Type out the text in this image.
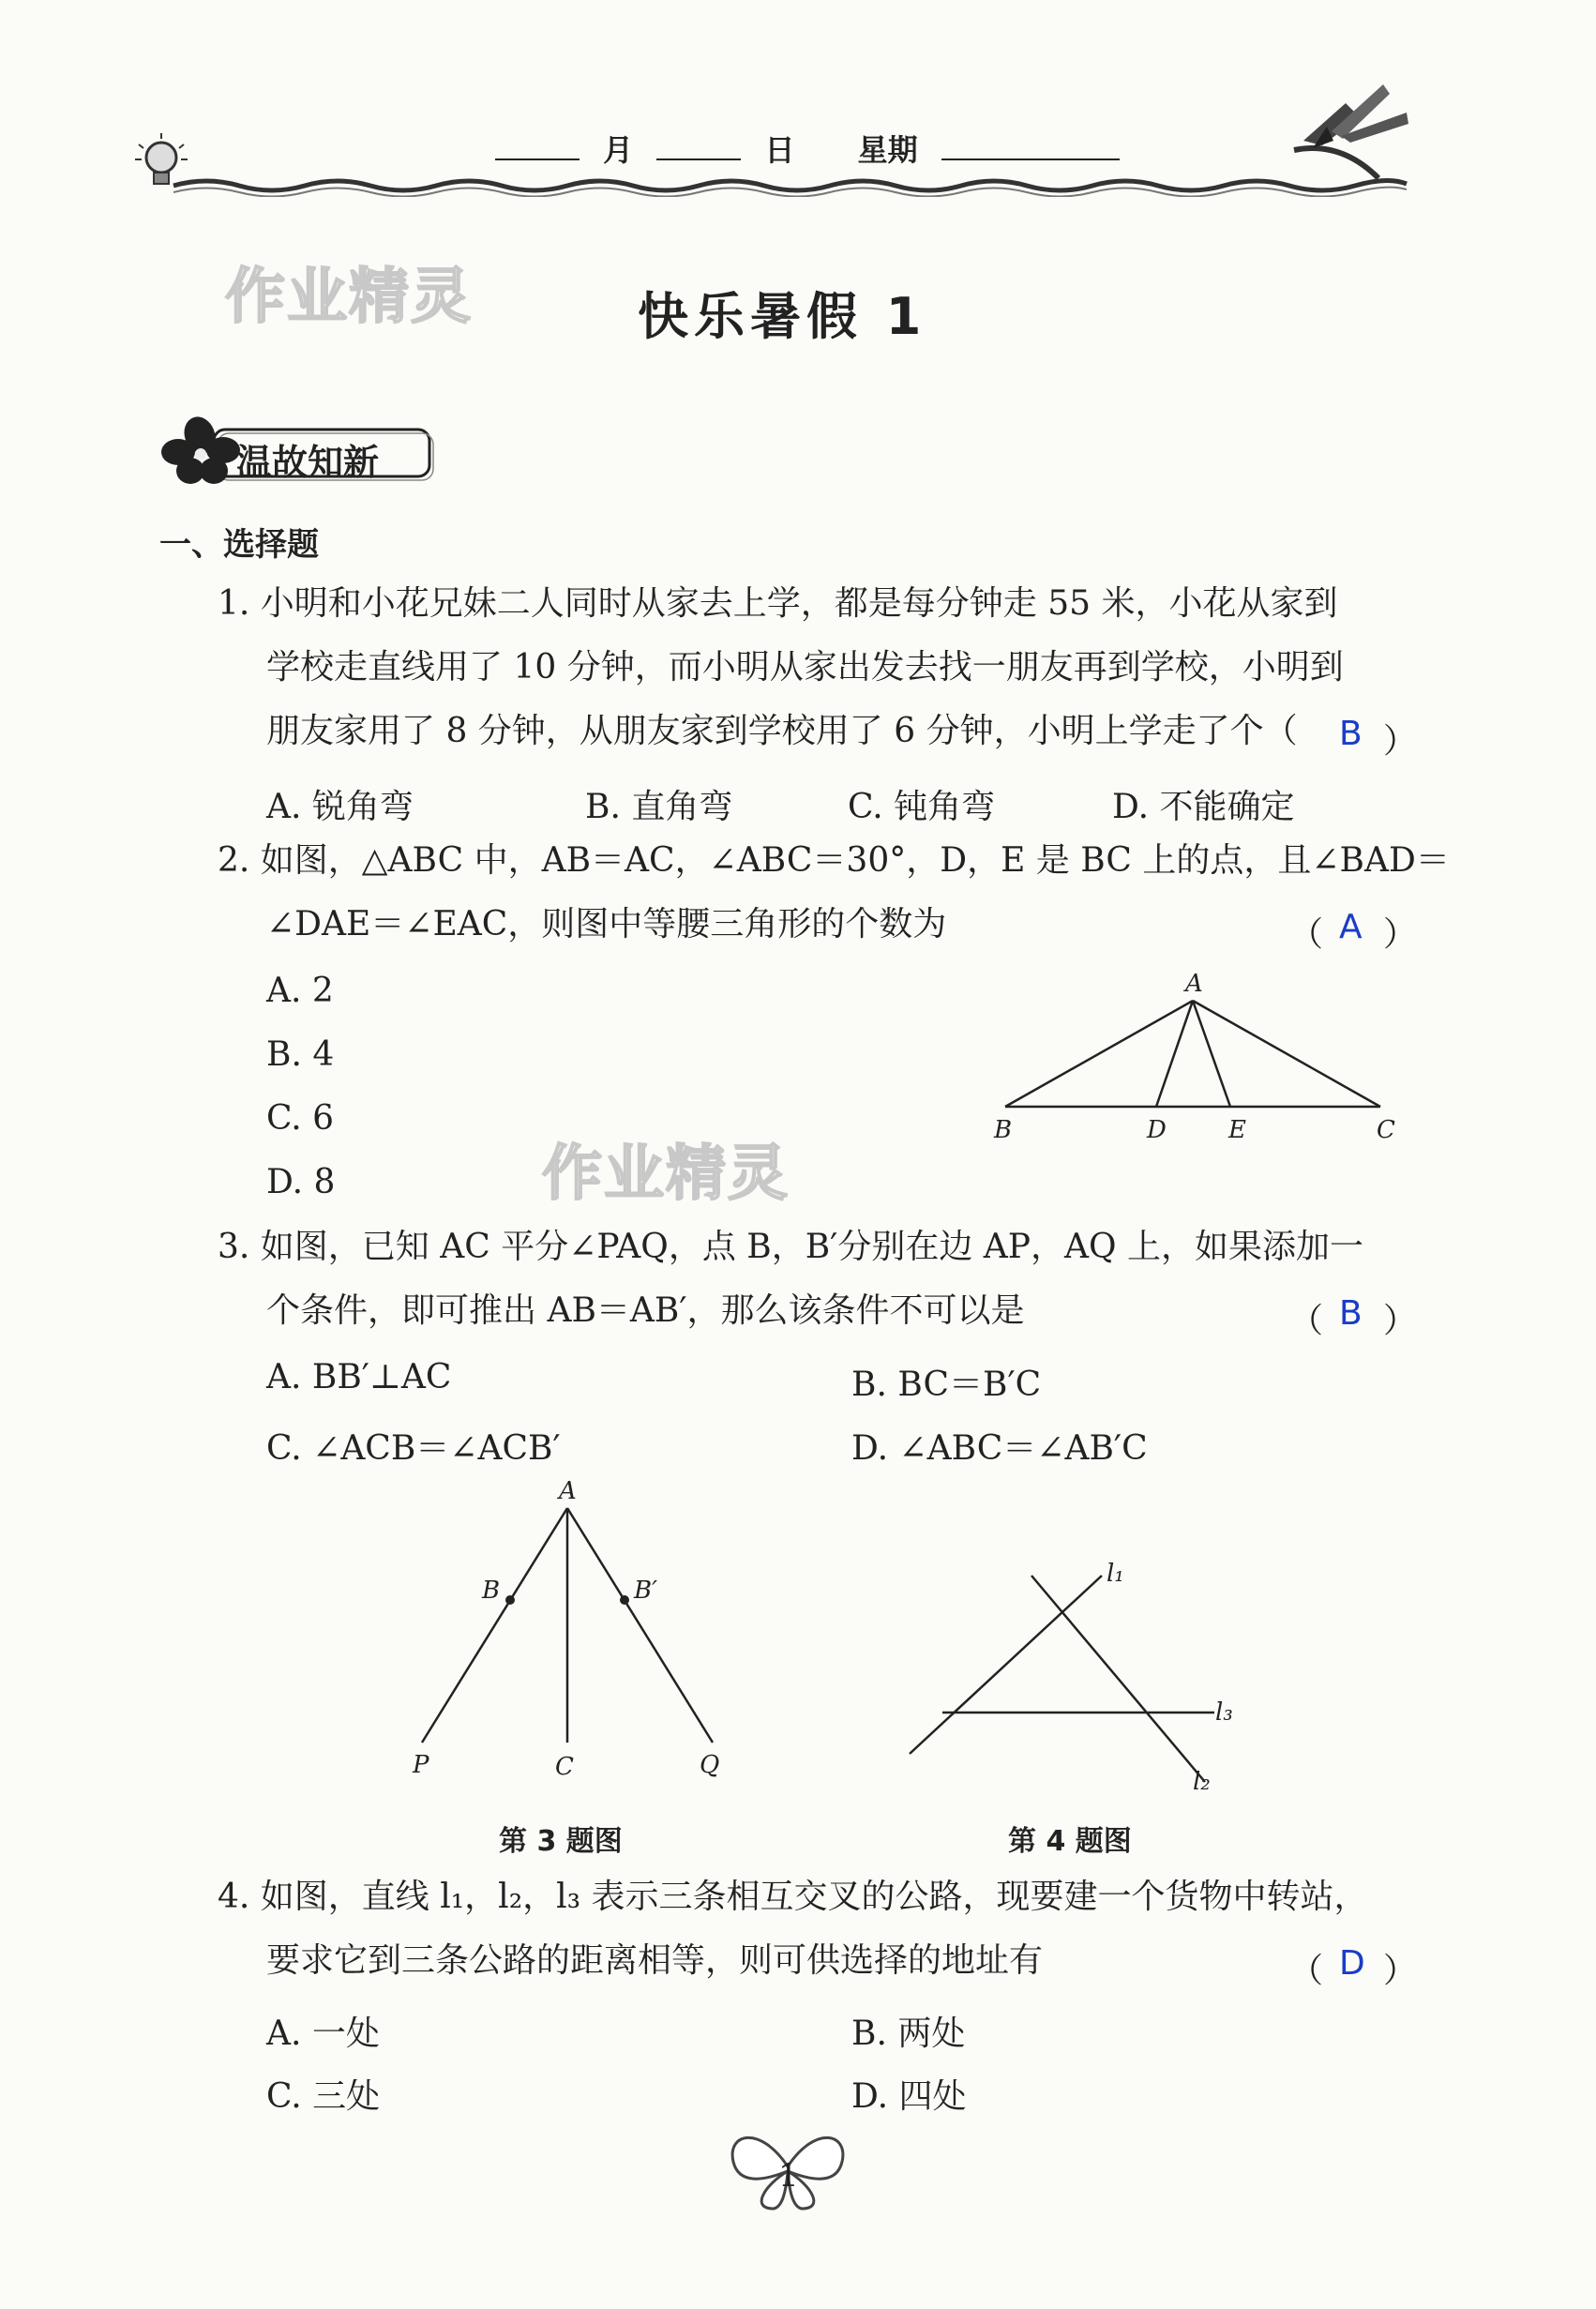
月	日 星期
作业精灵
作业精灵
快乐暑假 1
温故知新
一、选择题
1. 小明和小花兄妹二人同时从家去上学，都是每分钟走 55 米，小花从家到
学校走直线用了 10 分钟，而小明从家出发去找一朋友再到学校，小明到
朋友家用了 8 分钟，从朋友家到学校用了 6 分钟，小明上学走了个（ B ）
A. 锐角弯	B. 直角弯	C. 钝角弯	D. 不能确定
2. 如图，△ABC 中，AB＝AC，∠ABC＝30°，D，E 是 BC 上的点，且∠BAD＝
∠DAE＝∠EAC，则图中等腰三角形的个数为	（ A ）
A. 2
B. 4
C. 6
D. 8
A
B	D	E	C
3. 如图，已知 AC 平分∠PAQ，点 B，B′分别在边 AP，AQ 上，如果添加一
个条件，即可推出 AB＝AB′，那么该条件不可以是	（ B ）
A. BB′⊥AC	B. BC＝B′C
C. ∠ACB＝∠ACB′	D. ∠ABC＝∠AB′C
A
B	B′
P	C	Q
第 3 题图
l₁
l₃
l₂
第 4 题图
4. 如图，直线 l₁，l₂，l₃ 表示三条相互交叉的公路，现要建一个货物中转站，
要求它到三条公路的距离相等，则可供选择的地址有	（ D ）
A. 一处	B. 两处
C. 三处	D. 四处
1
